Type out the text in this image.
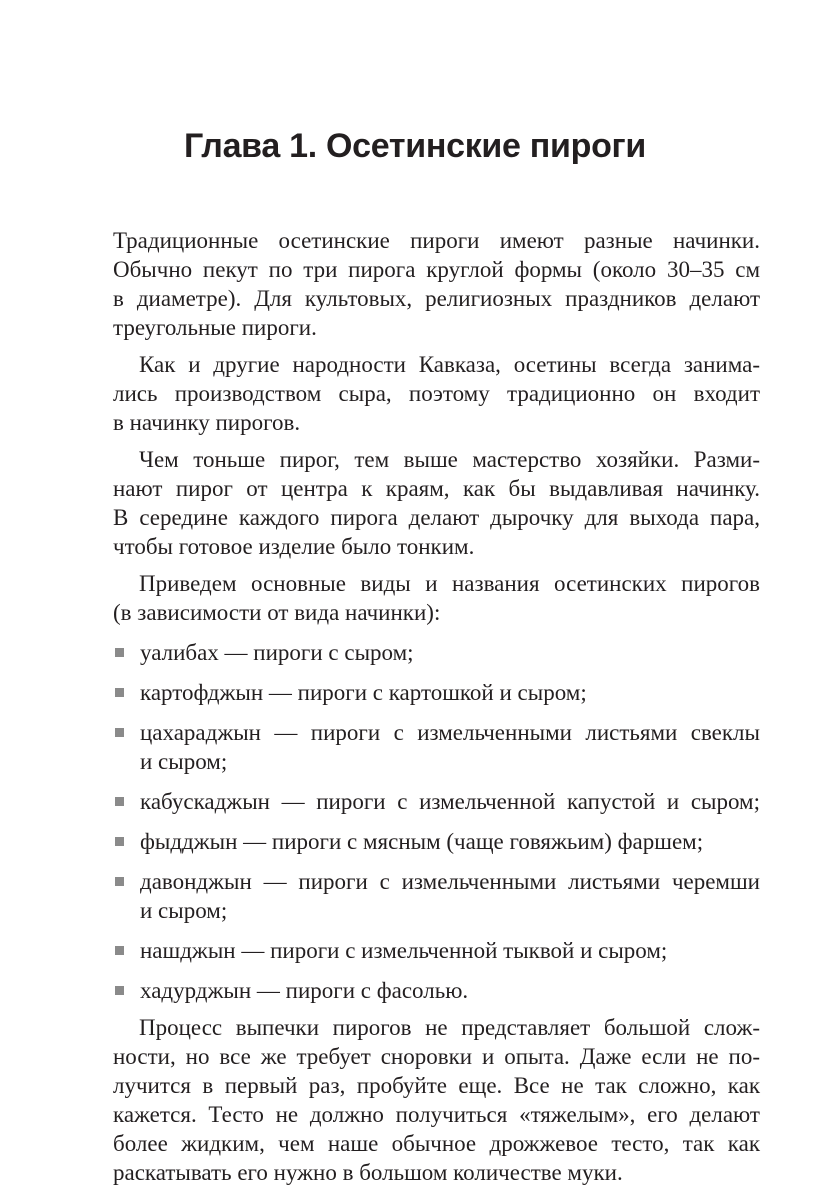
Глава 1. Осетинские пироги
Традиционные осетинские пироги имеют разные начинки.
Обычно пекут по три пирога круглой формы (около 30–35 см
в диаметре). Для культовых, религиозных праздников делают
треугольные пироги.
Как и другие народности Кавказа, осетины всегда занима-
лись производством сыра, поэтому традиционно он входит
в начинку пирогов.
Чем тоньше пирог, тем выше мастерство хозяйки. Разми-
нают пирог от центра к краям, как бы выдавливая начинку.
В середине каждого пирога делают дырочку для выхода пара,
чтобы готовое изделие было тонким.
Приведем основные виды и названия осетинских пирогов
(в зависимости от вида начинки):
уалибах — пироги с сыром;
картофджын — пироги с картошкой и сыром;
цахараджын — пироги с измельченными листьями свеклы
и сыром;
кабускаджын — пироги с измельченной капустой и сыром;
фыдджын — пироги с мясным (чаще говяжьим) фаршем;
давонджын — пироги с измельченными листьями черемши
и сыром;
нашджын — пироги с измельченной тыквой и сыром;
хадурджын — пироги с фасолью.
Процесс выпечки пирогов не представляет большой слож-
ности, но все же требует сноровки и опыта. Даже если не по-
лучится в первый раз, пробуйте еще. Все не так сложно, как
кажется. Тесто не должно получиться «тяжелым», его делают
более жидким, чем наше обычное дрожжевое тесто, так как
раскатывать его нужно в большом количестве муки.
